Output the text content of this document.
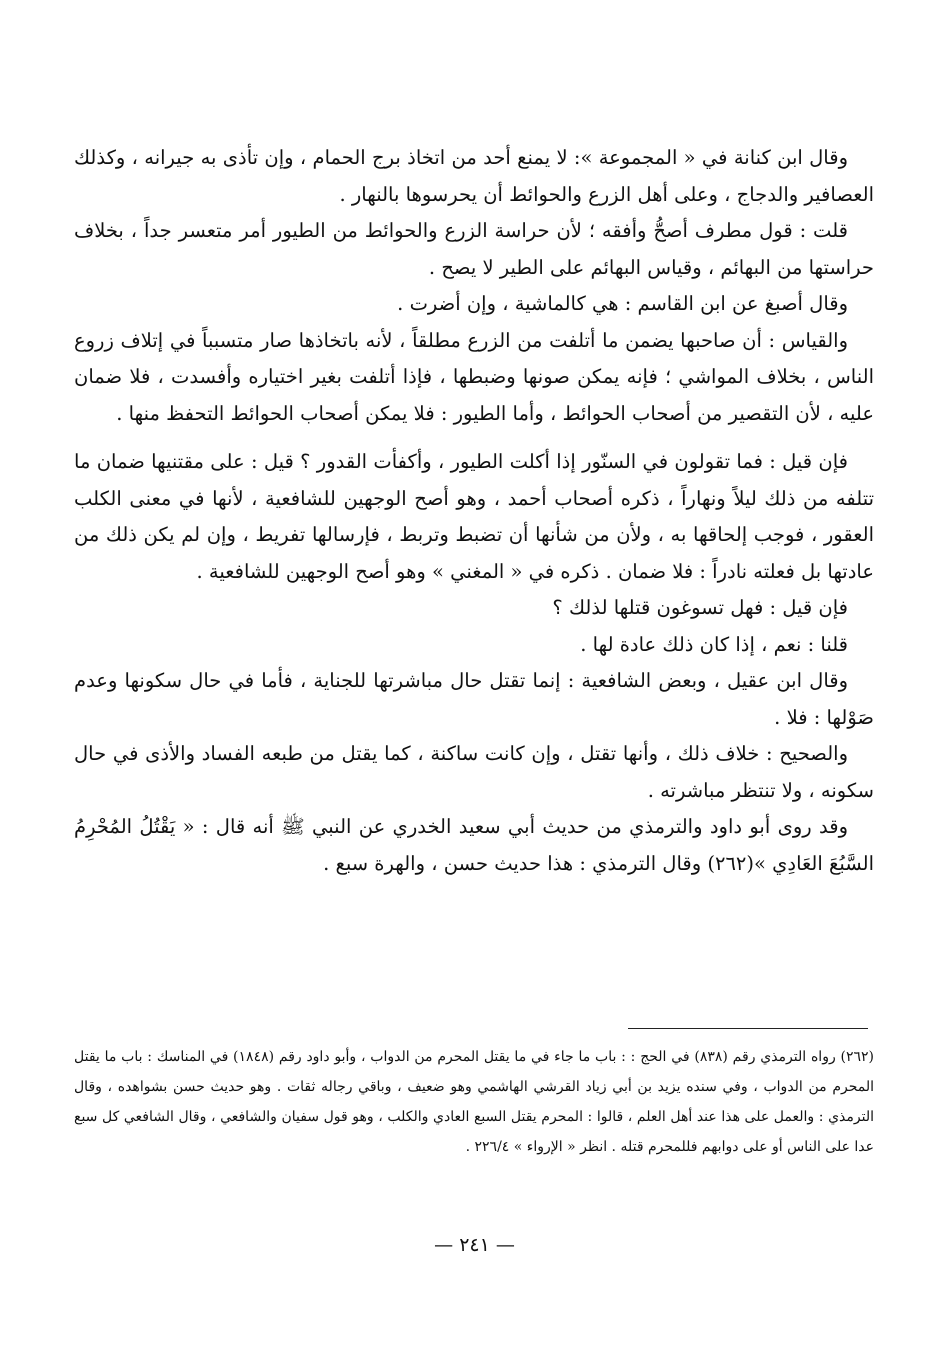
وقال ابن كنانة في « المجموعة »: لا يمنع أحد من اتخاذ برج الحمام ، وإن تأذى به جيرانه ، وكذلك العصافير والدجاج ، وعلى أهل الزرع والحوائط أن يحرسوها بالنهار .

قلت : قول مطرف أصحُّ وأفقه ؛ لأن حراسة الزرع والحوائط من الطيور أمر متعسر جداً ، بخلاف حراستها من البهائم ، وقياس البهائم على الطير لا يصح .

وقال أصبغ عن ابن القاسم : هي كالماشية ، وإن أضرت .

والقياس : أن صاحبها يضمن ما أتلفت من الزرع مطلقاً ، لأنه باتخاذها صار متسبباً في إتلاف زروع الناس ، بخلاف المواشي ؛ فإنه يمكن صونها وضبطها ، فإذا أتلفت بغير اختياره وأفسدت ، فلا ضمان عليه ، لأن التقصير من أصحاب الحوائط ، وأما الطيور : فلا يمكن أصحاب الحوائط التحفظ منها .

فإن قيل : فما تقولون في السنّور إذا أكلت الطيور ، وأكفأت القدور ؟ قيل : على مقتنيها ضمان ما تتلفه من ذلك ليلاً ونهاراً ، ذكره أصحاب أحمد ، وهو أصح الوجهين للشافعية ، لأنها في معنى الكلب العقور ، فوجب إلحاقها به ، ولأن من شأنها أن تضبط وتربط ، فإرسالها تفريط ، وإن لم يكن ذلك من عادتها بل فعلته نادراً : فلا ضمان . ذكره في « المغني » وهو أصح الوجهين للشافعية .

فإن قيل : فهل تسوغون قتلها لذلك ؟

قلنا : نعم ، إذا كان ذلك عادة لها .

وقال ابن عقيل ، وبعض الشافعية : إنما تقتل حال مباشرتها للجناية ، فأما في حال سكونها وعدم صَوْلها : فلا .

والصحيح : خلاف ذلك ، وأنها تقتل ، وإن كانت ساكنة ، كما يقتل من طبعه الفساد والأذى في حال سكونه ، ولا تنتظر مباشرته .

وقد روى أبو داود والترمذي من حديث أبي سعيد الخدري عن النبي ﷺ أنه قال : « يَقْتُلُ المُحْرِمُ السَّبُعَ العَادِي »(٢٦٢) وقال الترمذي : هذا حديث حسن ، والهرة سبع .

(٢٦٢) رواه الترمذي رقم (٨٣٨) في الحج : : باب ما جاء في ما يقتل المحرم من الدواب ، وأبو داود رقم (١٨٤٨) في المناسك : باب ما يقتل المحرم من الدواب ، وفي سنده يزيد بن أبي زياد القرشي الهاشمي وهو ضعيف ، وباقي رجاله ثقات . وهو حديث حسن بشواهده ، وقال الترمذي : والعمل على هذا عند أهل العلم ، قالوا : المحرم يقتل السبع العادي والكلب ، وهو قول سفيان والشافعي ، وقال الشافعي كل سبع عدا على الناس أو على دوابهم فللمحرم قتله . انظر « الإرواء » ٢٢٦/٤ .

— ٢٤١ —
